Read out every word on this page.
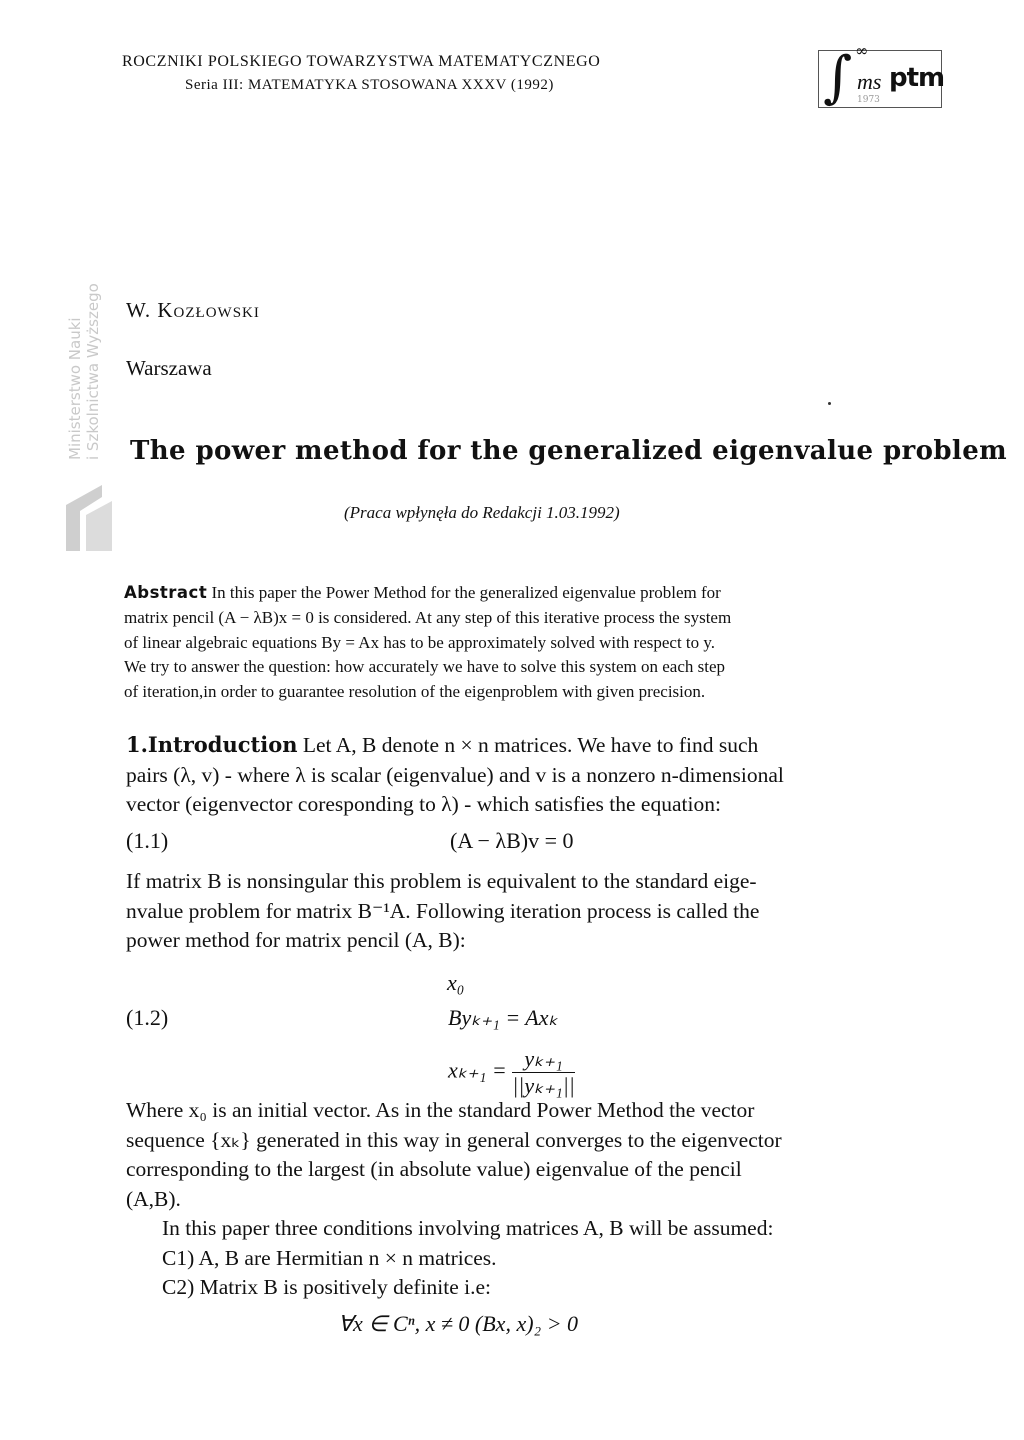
ROCZNIKI POLSKIEGO TOWARZYSTWA MATEMATYCZNEGO
Seria III: MATEMATYKA STOSOWANA XXXV (1992)	∫ ∞
ms ptm
1973
Ministerstwo Nauki i Szkolnictwa Wyższego W. Kozłowski
Warszawa
The power method for the generalized eigenvalue problem
(Praca wpłynęła do Redakcji 1.03.1992)
Abstract In this paper the Power Method for the generalized eigenvalue problem for
matrix pencil (A − λB)x = 0 is considered. At any step of this iterative process the system
of linear algebraic equations By = Ax has to be approximately solved with respect to y.
We try to answer the question: how accurately we have to solve this system on each step
of iteration,in order to guarantee resolution of the eigenproblem with given precision.
1.Introduction Let A, B denote n × n matrices. We have to find such
pairs (λ, v) - where λ is scalar (eigenvalue) and v is a nonzero n-dimensional
vector (eigenvector coresponding to λ) - which satisfies the equation:
(1.1)	(A − λB)v = 0
If matrix B is nonsingular this problem is equivalent to the standard eige-
nvalue problem for matrix B⁻¹A. Following iteration process is called the
power method for matrix pencil (A, B):
x₀
(1.2)	Byₖ₊₁ = Axₖ
$x_{k+1} = \frac{\text{yₖ₊₁}}{\text{||yₖ₊₁||}}$
Where x₀ is an initial vector. As in the standard Power Method the vector
sequence {xₖ} generated in this way in general converges to the eigenvector
corresponding to the largest (in absolute value) eigenvalue of the pencil
(A,B).
In this paper three conditions involving matrices A, B will be assumed:
C1) A, B are Hermitian n × n matrices.
C2) Matrix B is positively definite i.e:
∀x ∈ Cⁿ, x ≠ 0 (Bx, x)₂ > 0
